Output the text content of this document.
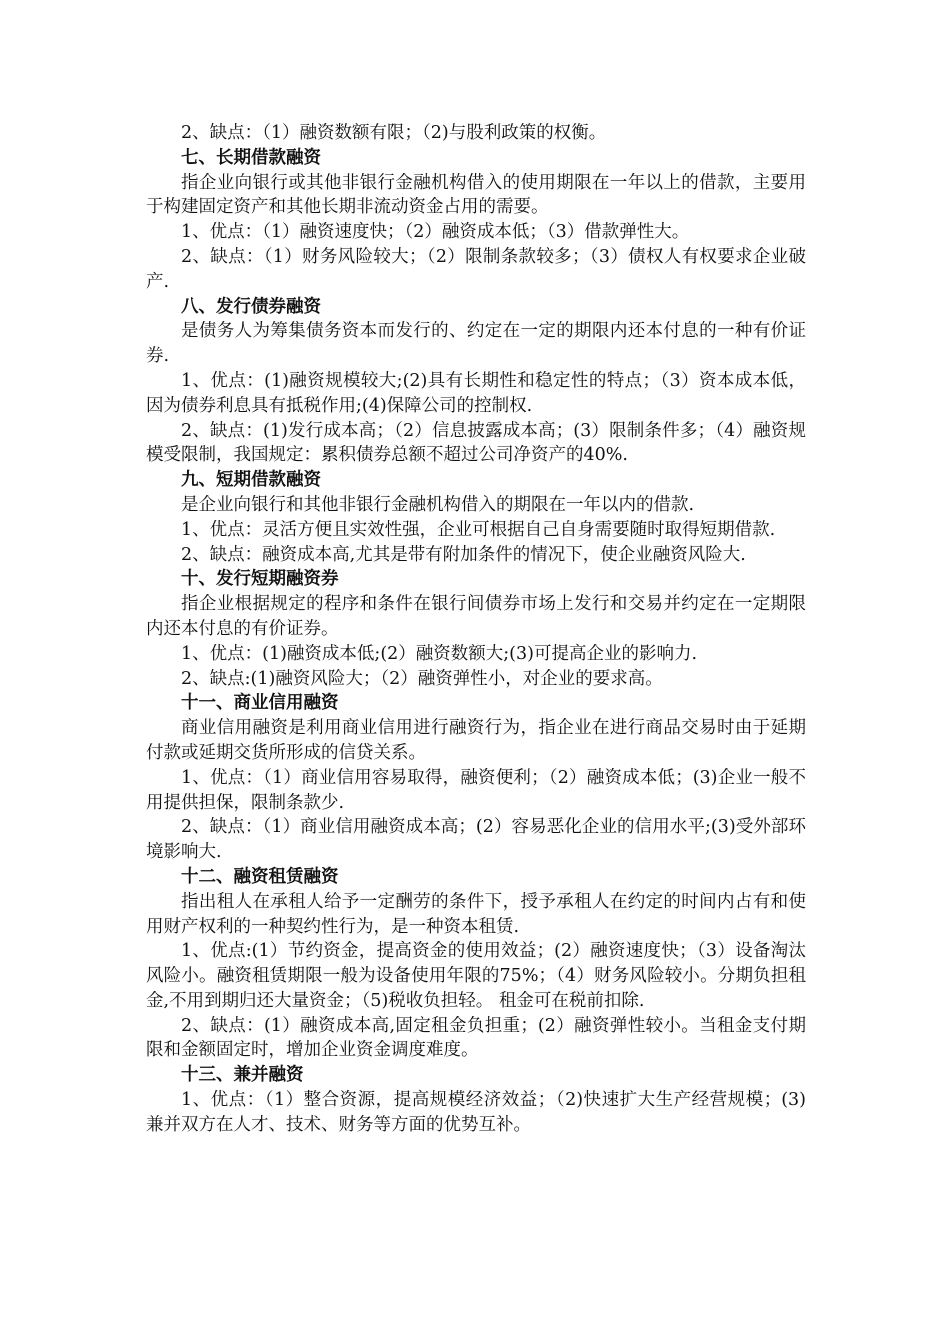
2、缺点：（1）融资数额有限；（2)与股利政策的权衡。

七、长期借款融资

指企业向银行或其他非银行金融机构借入的使用期限在一年以上的借款，主要用于构建固定资产和其他长期非流动资金占用的需要。

1、优点：（1）融资速度快；（2）融资成本低；（3）借款弹性大。

2、缺点：（1）财务风险较大；（2）限制条款较多；（3）债权人有权要求企业破产.

八、发行债券融资

是债务人为筹集债务资本而发行的、约定在一定的期限内还本付息的一种有价证券.

1、优点：(1)融资规模较大;(2)具有长期性和稳定性的特点；（3）资本成本低，因为债券利息具有抵税作用;(4)保障公司的控制权.

2、缺点：(1)发行成本高；（2）信息披露成本高；(3）限制条件多；（4）融资规模受限制，我国规定：累积债券总额不超过公司净资产的40%.

九、短期借款融资

是企业向银行和其他非银行金融机构借入的期限在一年以内的借款.

1、优点：灵活方便且实效性强，企业可根据自己自身需要随时取得短期借款.

2、缺点：融资成本高,尤其是带有附加条件的情况下，使企业融资风险大.

十、发行短期融资券

指企业根据规定的程序和条件在银行间债券市场上发行和交易并约定在一定期限内还本付息的有价证券。

1、优点：(1)融资成本低;(2）融资数额大;(3)可提高企业的影响力.

2、缺点:(1)融资风险大；（2）融资弹性小，对企业的要求高。

十一、商业信用融资

商业信用融资是利用商业信用进行融资行为，指企业在进行商品交易时由于延期付款或延期交货所形成的信贷关系。

1、优点：（1）商业信用容易取得，融资便利；（2）融资成本低；(3)企业一般不用提供担保，限制条款少.

2、缺点：（1）商业信用融资成本高；(2）容易恶化企业的信用水平;(3)受外部环境影响大.

十二、融资租赁融资

指出租人在承租人给予一定酬劳的条件下，授予承租人在约定的时间内占有和使用财产权利的一种契约性行为，是一种资本租赁.

1、优点:(1）节约资金，提高资金的使用效益；(2）融资速度快；（3）设备淘汰风险小。融资租赁期限一般为设备使用年限的75%；（4）财务风险较小。分期负担租金,不用到期归还大量资金；（5)税收负担轻。 租金可在税前扣除.

2、缺点：(1）融资成本高,固定租金负担重；(2）融资弹性较小。当租金支付期限和金额固定时，增加企业资金调度难度。

十三、兼并融资

1、优点：（1）整合资源，提高规模经济效益；（2)快速扩大生产经营规模；(3)兼并双方在人才、技术、财务等方面的优势互补。
